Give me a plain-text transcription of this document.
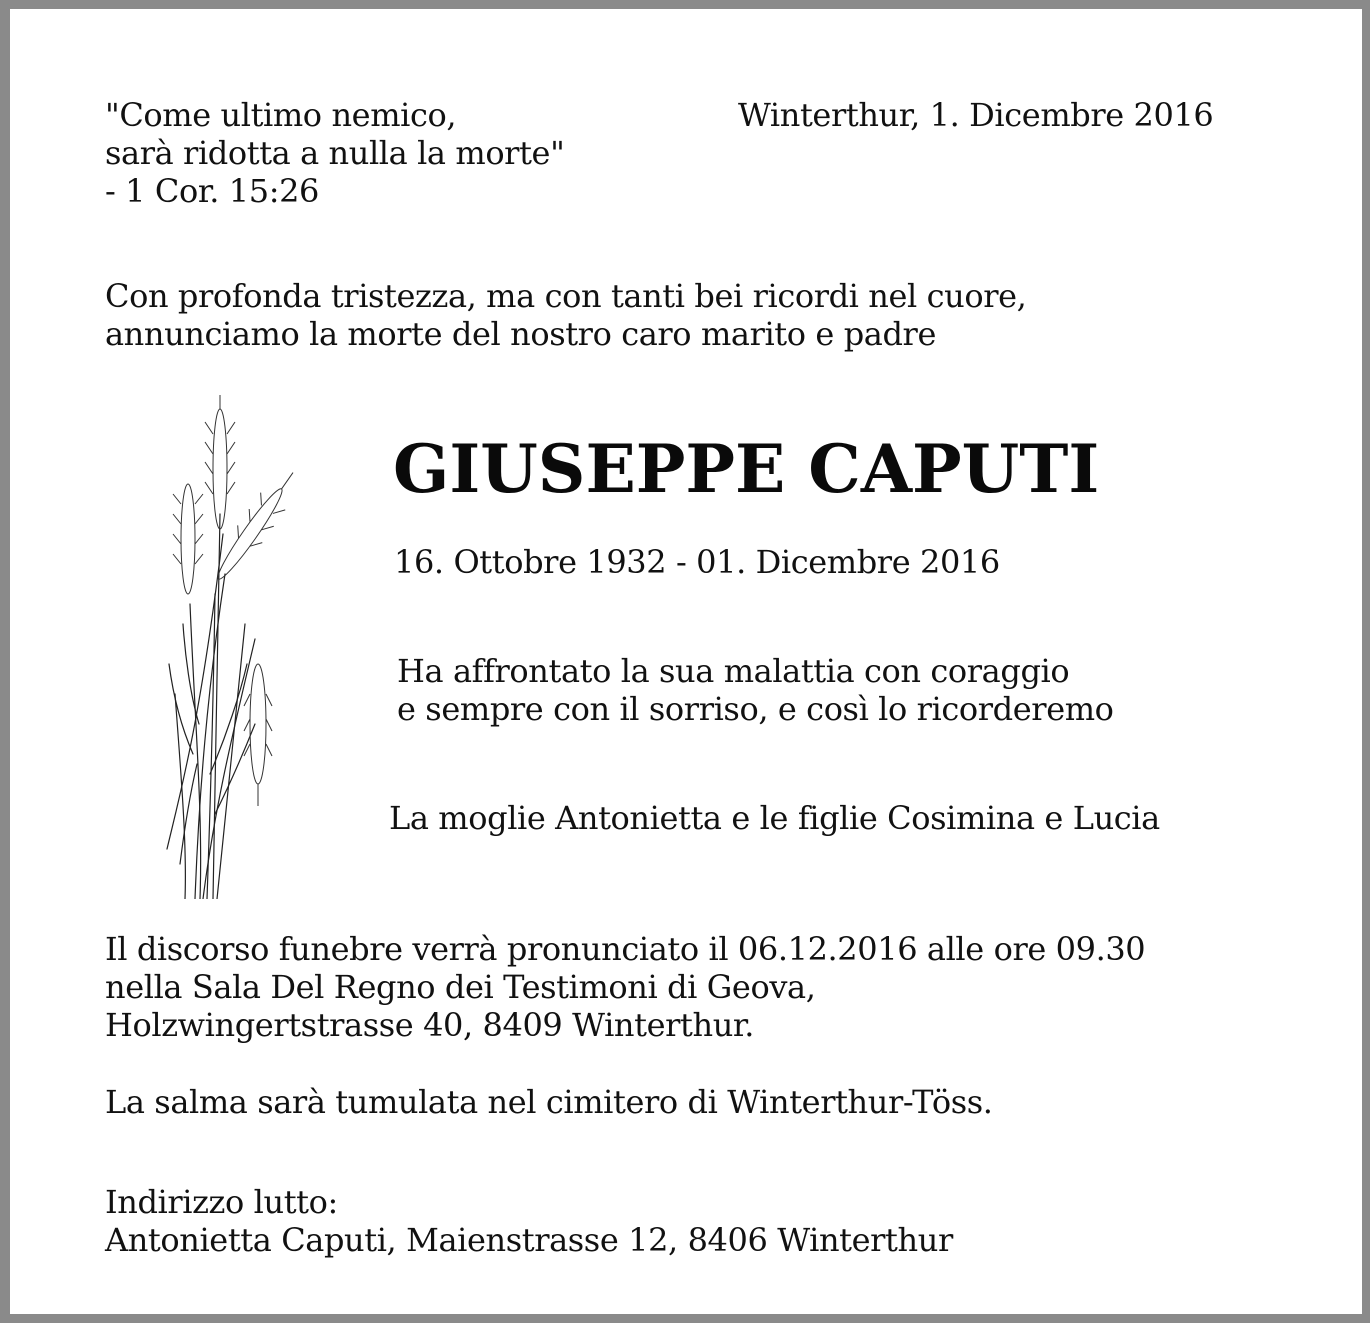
"Come ultimo nemico,
sarà ridotta a nulla la morte"
- 1 Cor. 15:26
Winterthur, 1. Dicembre 2016
Con profonda tristezza, ma con tanti bei ricordi nel cuore,
annunciamo la morte del nostro caro marito e padre
GIUSEPPE CAPUTI
16. Ottobre 1932 - 01. Dicembre 2016
Ha affrontato la sua malattia con coraggio
e sempre con il sorriso, e così lo ricorderemo
La moglie Antonietta e le figlie Cosimina e Lucia
Il discorso funebre verrà pronunciato il 06.12.2016 alle ore 09.30
nella Sala Del Regno dei Testimoni di Geova,
Holzwingertstrasse 40, 8409 Winterthur.
La salma sarà tumulata nel cimitero di Winterthur-Töss.
Indirizzo lutto:
Antonietta Caputi, Maienstrasse 12, 8406 Winterthur
